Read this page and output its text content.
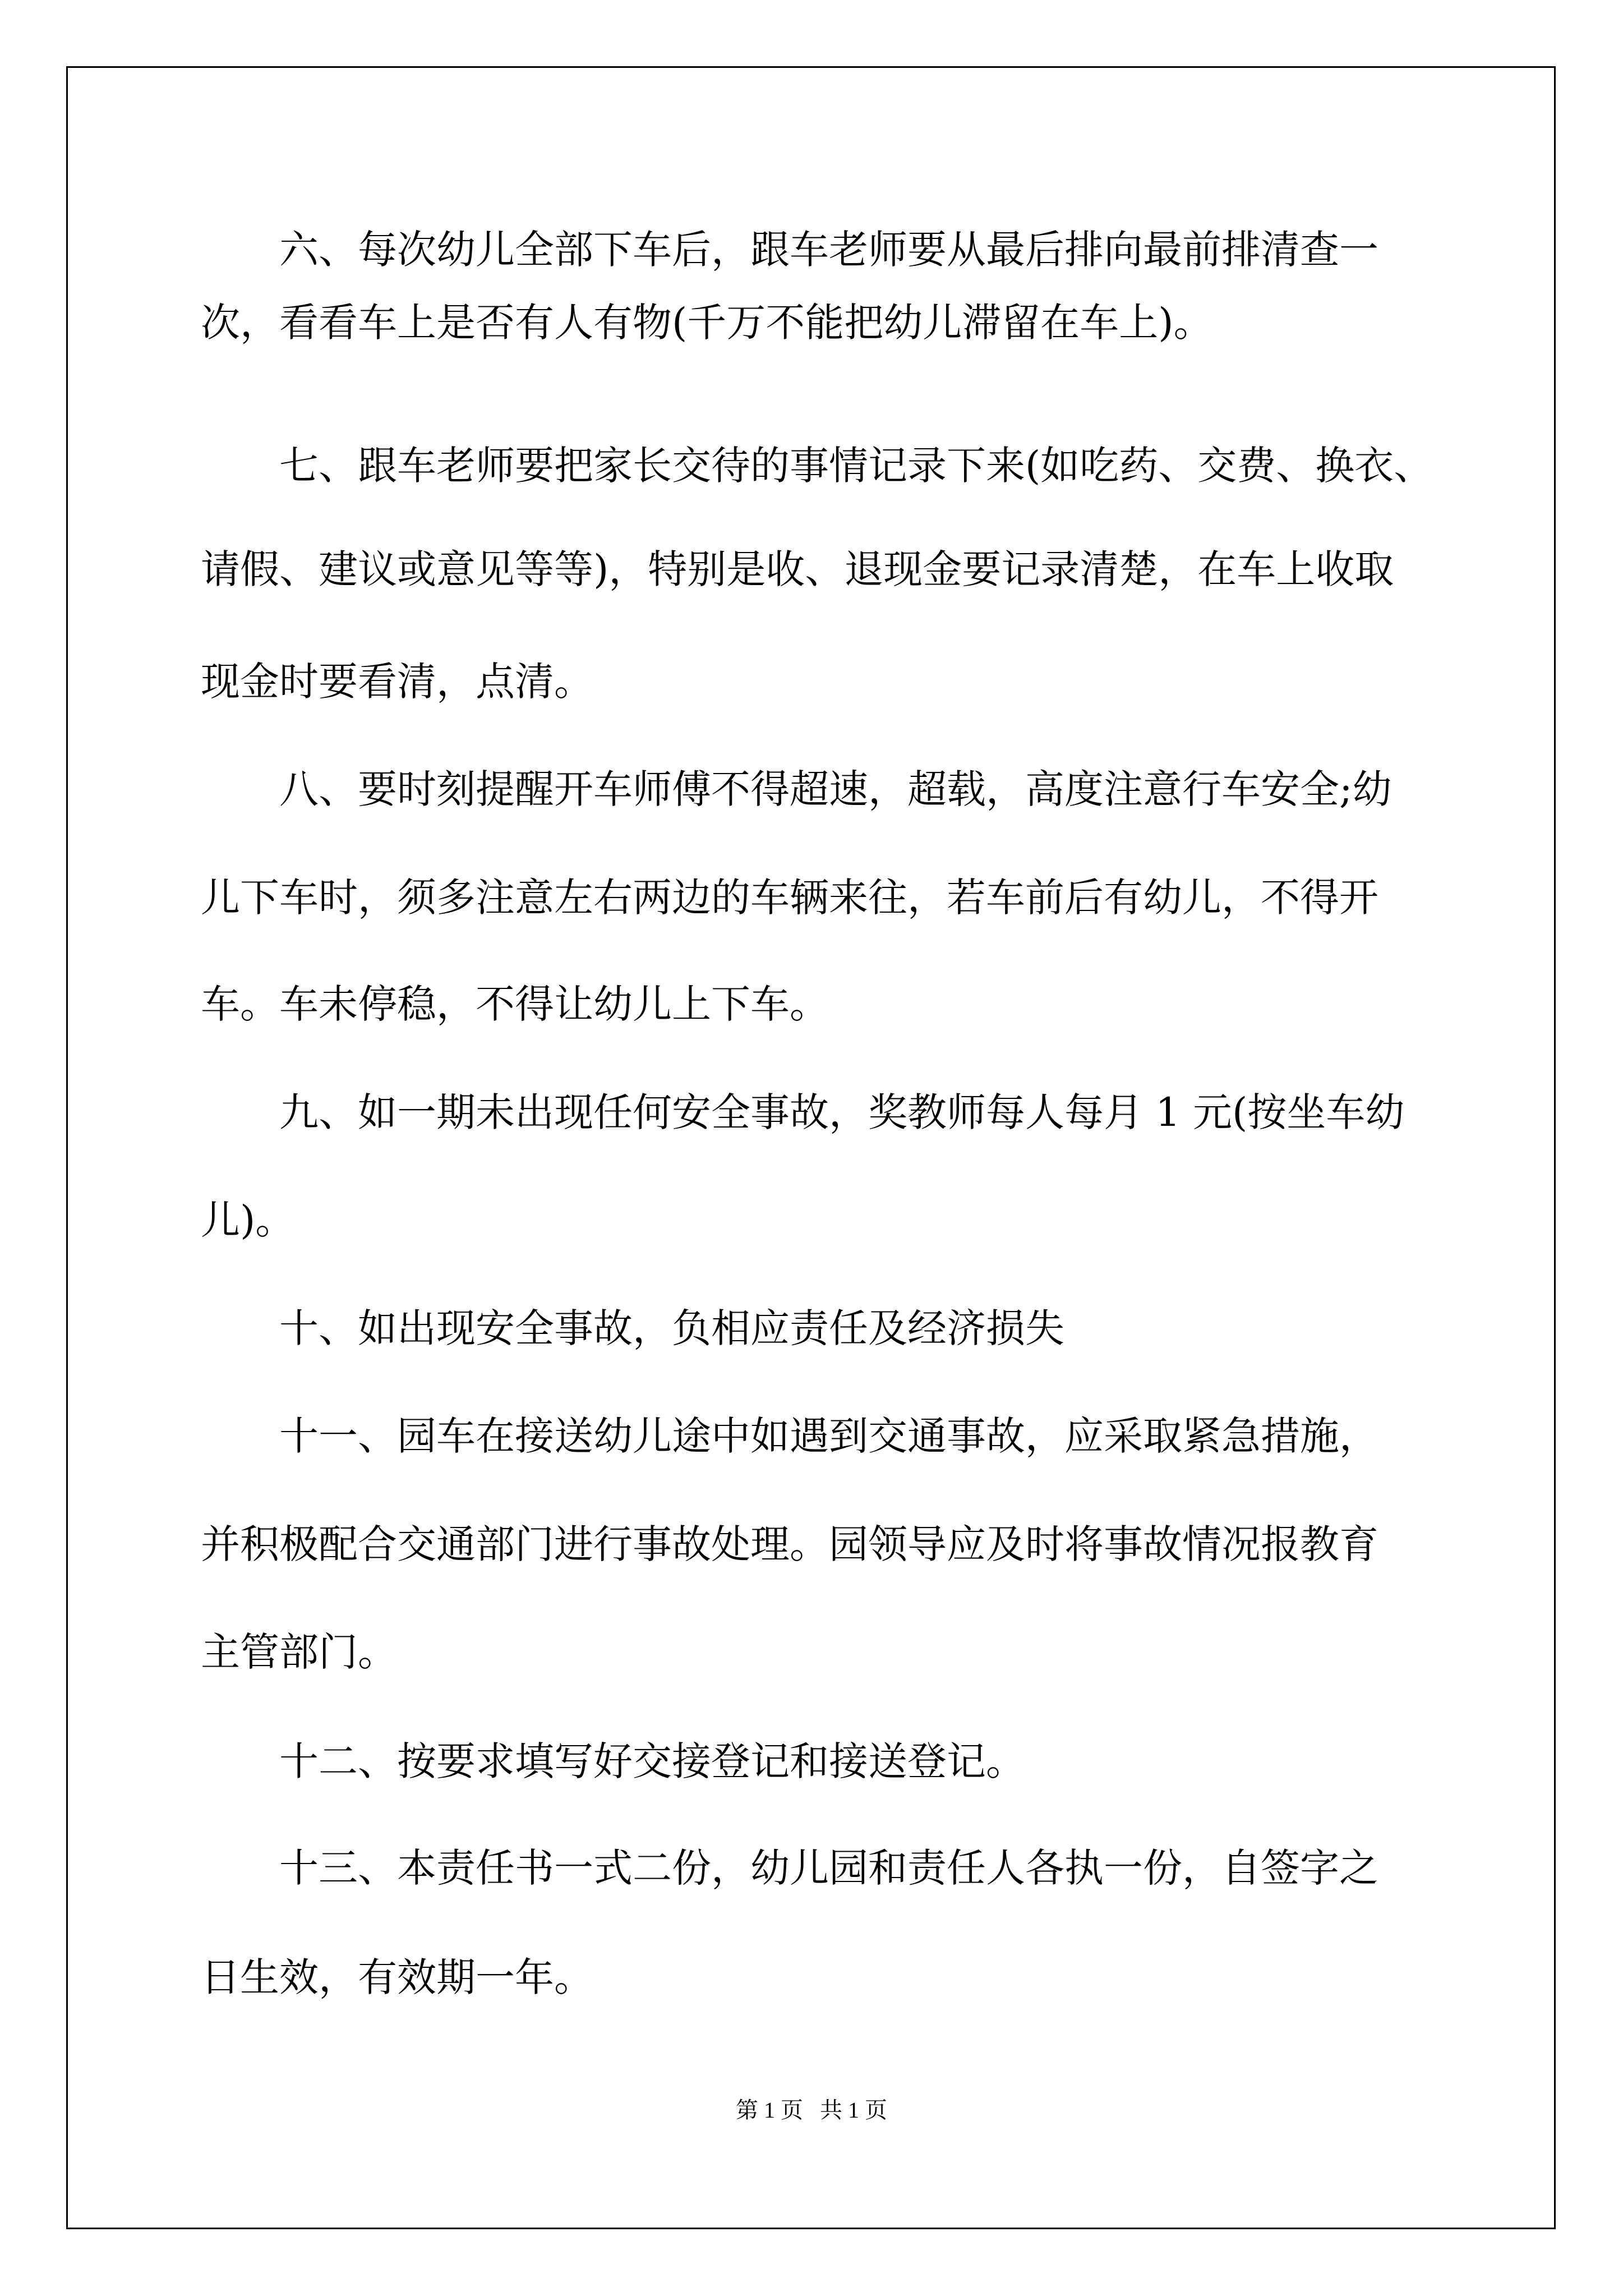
六、每次幼儿全部下车后，跟车老师要从最后排向最前排清查一
次，看看车上是否有人有物(千万不能把幼儿滞留在车上)。
七、跟车老师要把家长交待的事情记录下来(如吃药、交费、换衣、
请假、建议或意见等等)，特别是收、退现金要记录清楚，在车上收取
现金时要看清，点清。
八、要时刻提醒开车师傅不得超速，超载，高度注意行车安全;幼
儿下车时，须多注意左右两边的车辆来往，若车前后有幼儿，不得开
车。车未停稳，不得让幼儿上下车。
九、如一期未出现任何安全事故，奖教师每人每月 1 元(按坐车幼
儿)。
十、如出现安全事故，负相应责任及经济损失
十一、园车在接送幼儿途中如遇到交通事故，应采取紧急措施，
并积极配合交通部门进行事故处理。园领导应及时将事故情况报教育
主管部门。
十二、按要求填写好交接登记和接送登记。
十三、本责任书一式二份，幼儿园和责任人各执一份，自签字之
日生效，有效期一年。
第 1 页   共 1 页
